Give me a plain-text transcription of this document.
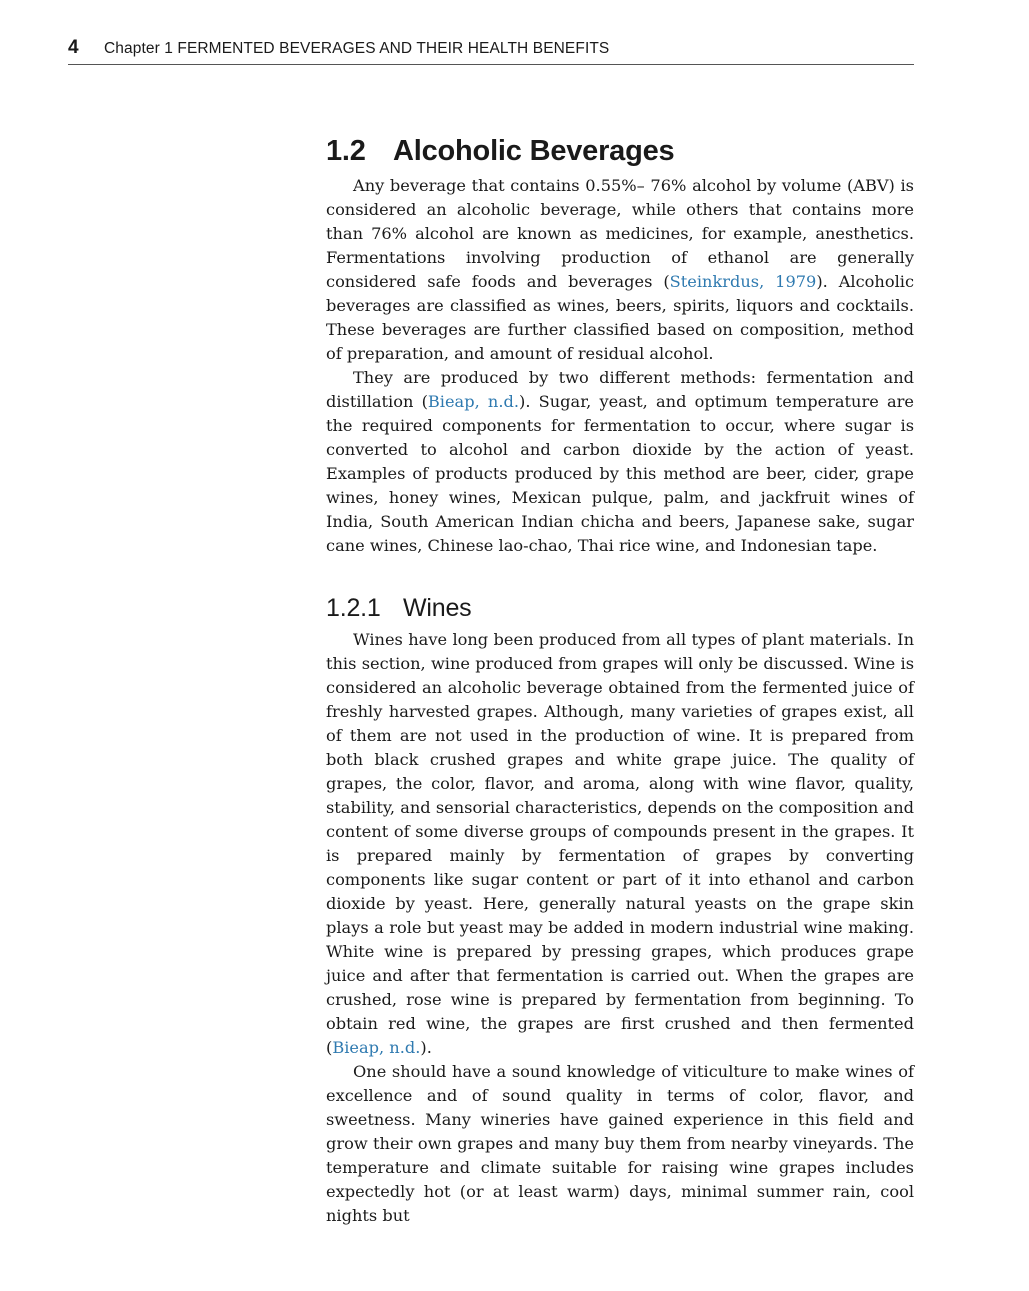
4 Chapter 1 FERMENTED BEVERAGES AND THEIR HEALTH BENEFITS
1.2 Alcoholic Beverages

Any beverage that contains 0.55%– 76% alcohol by volume (ABV) is considered an alcoholic beverage, while others that contains more than 76% alcohol are known as medicines, for example, anesthetics. Fermentations involving production of ethanol are generally considered safe foods and beverages (Steinkrdus, 1979). Alcoholic beverages are classified as wines, beers, spirits, liquors and cocktails. These beverages are further classified based on composition, method of preparation, and amount of residual alcohol.

They are produced by two different methods: fermentation and distillation (Bieap, n.d.). Sugar, yeast, and optimum temperature are the required components for fermentation to occur, where sugar is converted to alcohol and carbon dioxide by the action of yeast. Examples of products produced by this method are beer, cider, grape wines, honey wines, Mexican pulque, palm, and jackfruit wines of India, South American Indian chicha and beers, Japanese sake, sugar cane wines, Chinese lao-chao, Thai rice wine, and Indonesian tape.

1.2.1 Wines

Wines have long been produced from all types of plant materials. In this section, wine produced from grapes will only be discussed. Wine is considered an alcoholic beverage obtained from the fermented juice of freshly harvested grapes. Although, many varieties of grapes exist, all of them are not used in the production of wine. It is prepared from both black crushed grapes and white grape juice. The quality of grapes, the color, flavor, and aroma, along with wine flavor, quality, stability, and sensorial characteristics, depends on the composition and content of some diverse groups of compounds present in the grapes. It is prepared mainly by fermentation of grapes by converting components like sugar content or part of it into ethanol and carbon dioxide by yeast. Here, generally natural yeasts on the grape skin plays a role but yeast may be added in modern industrial wine making. White wine is prepared by pressing grapes, which produces grape juice and after that fermentation is carried out. When the grapes are crushed, rose wine is prepared by fermentation from beginning. To obtain red wine, the grapes are first crushed and then fermented (Bieap, n.d.).

One should have a sound knowledge of viticulture to make wines of excellence and of sound quality in terms of color, flavor, and sweetness. Many wineries have gained experience in this field and grow their own grapes and many buy them from nearby vineyards. The temperature and climate suitable for raising wine grapes includes expectedly hot (or at least warm) days, minimal summer rain, cool nights but
